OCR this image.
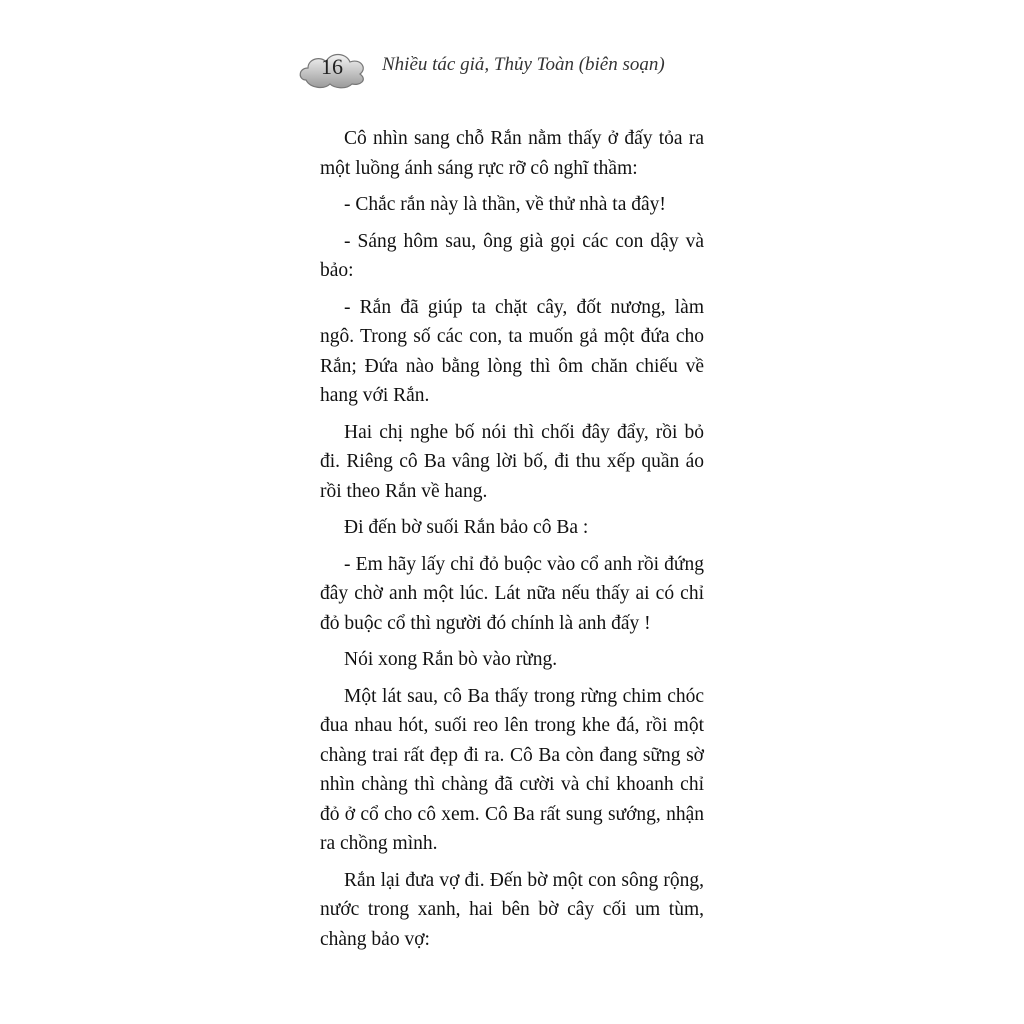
16	Nhiều tác giả, Thủy Toàn (biên soạn)

Cô nhìn sang chỗ Rắn nằm thấy ở đấy tỏa ra một luồng ánh sáng rực rỡ cô nghĩ thầm:

- Chắc rắn này là thần, về thử nhà ta đây!

- Sáng hôm sau, ông già gọi các con dậy và bảo:

- Rắn đã giúp ta chặt cây, đốt nương, làm ngô. Trong số các con, ta muốn gả một đứa cho Rắn; Đứa nào bằng lòng thì ôm chăn chiếu về hang với Rắn.

Hai chị nghe bố nói thì chối đây đẩy, rồi bỏ đi. Riêng cô Ba vâng lời bố, đi thu xếp quần áo rồi theo Rắn về hang.

Đi đến bờ suối Rắn bảo cô Ba :

- Em hãy lấy chỉ đỏ buộc vào cổ anh rồi đứng đây chờ anh một lúc. Lát nữa nếu thấy ai có chỉ đỏ buộc cổ thì người đó chính là anh đấy !

Nói xong Rắn bò vào rừng.

Một lát sau, cô Ba thấy trong rừng chim chóc đua nhau hót, suối reo lên trong khe đá, rồi một chàng trai rất đẹp đi ra. Cô Ba còn đang sững sờ nhìn chàng thì chàng đã cười và chỉ khoanh chỉ đỏ ở cổ cho cô xem. Cô Ba rất sung sướng, nhận ra chồng mình.

Rắn lại đưa vợ đi. Đến bờ một con sông rộng, nước trong xanh, hai bên bờ cây cối um tùm, chàng bảo vợ:
